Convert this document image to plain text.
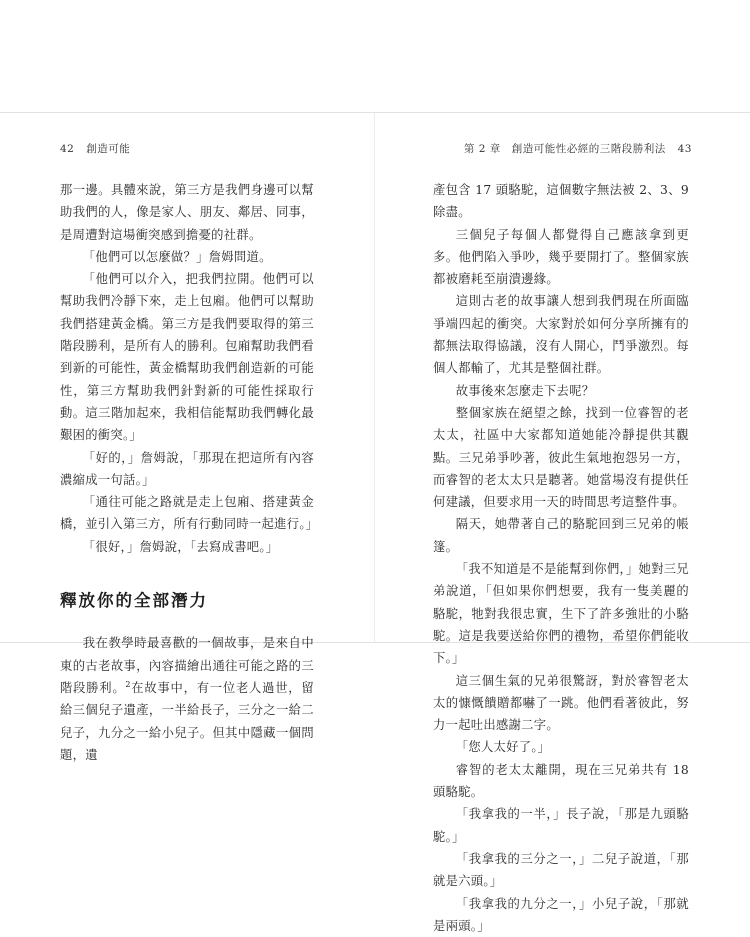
42 創造可能

那一邊。具體來說，第三方是我們身邊可以幫助我們的人，像是家人、朋友、鄰居、同事，是周遭對這場衝突感到擔憂的社群。

「他們可以怎麼做？」詹姆問道。

「他們可以介入，把我們拉開。他們可以幫助我們冷靜下來，走上包廂。他們可以幫助我們搭建黃金橋。第三方是我們要取得的第三階段勝利，是所有人的勝利。包廂幫助我們看到新的可能性，黃金橋幫助我們創造新的可能性，第三方幫助我們針對新的可能性採取行動。這三階加起來，我相信能幫助我們轉化最艱困的衝突。」

「好的，」詹姆說，「那現在把這所有內容濃縮成一句話。」

「通往可能之路就是走上包廂、搭建黃金橋，並引入第三方，所有行動同時一起進行。」

「很好，」詹姆說，「去寫成書吧。」

釋放你的全部潛力

我在教學時最喜歡的一個故事，是來自中東的古老故事，內容描繪出通往可能之路的三階段勝利。$^2$在故事中，有一位老人過世，留給三個兒子遺產，一半給長子，三分之一給二兒子，九分之一給小兒子。但其中隱藏一個問題，遺

第 2 章　創造可能性必經的三階段勝利法 43

產包含 17 頭駱駝，這個數字無法被 2、3、9 除盡。

三個兒子每個人都覺得自己應該拿到更多。他們陷入爭吵，幾乎要開打了。整個家族都被磨耗至崩潰邊緣。

這則古老的故事讓人想到我們現在所面臨爭端四起的衝突。大家對於如何分享所擁有的都無法取得協議，沒有人開心，鬥爭激烈。每個人都輸了，尤其是整個社群。

故事後來怎麼走下去呢？

整個家族在絕望之餘，找到一位睿智的老太太，社區中大家都知道她能冷靜提供其觀點。三兄弟爭吵著，彼此生氣地抱怨另一方，而睿智的老太太只是聽著。她當場沒有提供任何建議，但要求用一天的時間思考這整件事。

隔天，她帶著自己的駱駝回到三兄弟的帳篷。

「我不知道是不是能幫到你們，」她對三兄弟說道，「但如果你們想要，我有一隻美麗的駱駝，牠對我很忠實，生下了許多強壯的小駱駝。這是我要送給你們的禮物，希望你們能收下。」

這三個生氣的兄弟很驚訝，對於睿智老太太的慷慨饋贈都嚇了一跳。他們看著彼此，努力一起吐出感謝二字。

「您人太好了。」

睿智的老太太離開，現在三兄弟共有 18 頭駱駝。

「我拿我的一半，」長子說，「那是九頭駱駝。」

「我拿我的三分之一，」二兒子說道，「那就是六頭。」

「我拿我的九分之一，」小兒子說，「那就是兩頭。」
